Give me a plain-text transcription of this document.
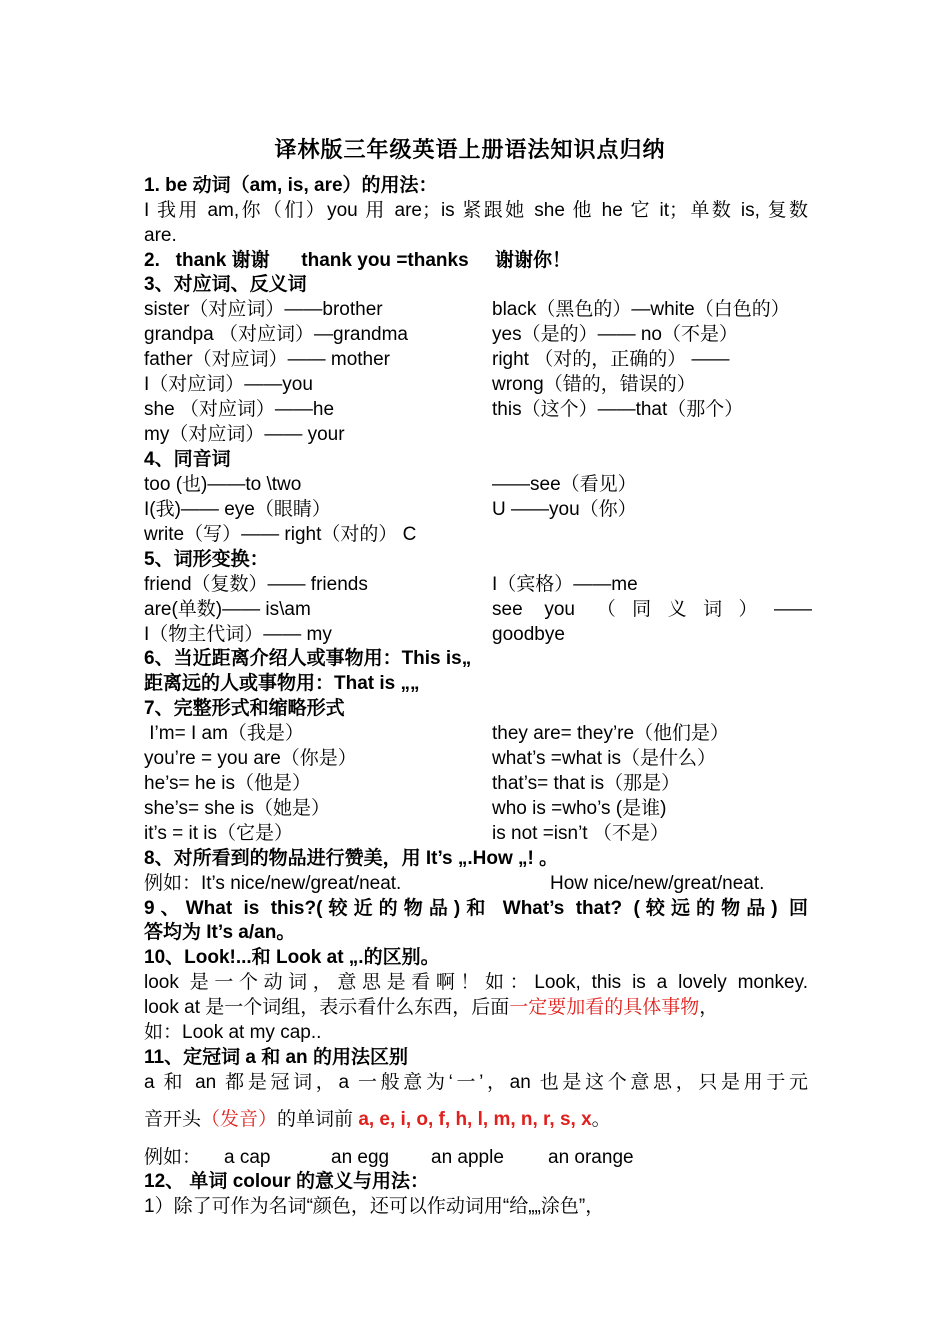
译林版三年级英语上册语法知识点归纳
1. be 动词（am, is, are）的用法：
I 我用 am,你（们）you 用 are；is 紧跟她 she 他 he 它 it；单数 is, 复数
are.
2.   thank 谢谢      thank you =thanks     谢谢你！
3、对应词、反义词
sister（对应词）——brother
grandpa （对应词）—grandma
father（对应词）—— mother
I（对应词）——you
she （对应词）——he
my（对应词）—— your
black（黑色的）—white（白色的）
yes（是的）—— no（不是）
right （对的，正确的） ——
wrong（错的，错误的）
this（这个）——that（那个）
4、同音词
too (也)——to \two
I(我)—— eye（眼睛）
write（写）—— right（对的） C
——see（看见）
U ——you（你）
5、词形变换：
friend（复数）—— friends
are(单数)—— is\am
I（物主代词）—— my
I（宾格）——me
see you （同义词）——
goodbye
6、当近距离介绍人或事物用：This is„
距离远的人或事物用：That is „„
7、完整形式和缩略形式
I’m= I am（我是）
you’re = you are（你是）
he’s= he is（他是）
she’s= she is（她是）
it’s = it is（它是）
they are= they’re（他们是）
what’s =what is（是什么）
that’s= that is（那是）
who is =who’s (是谁)
is not =isn’t （不是）
8、对所看到的物品进行赞美，用 It’s „.How „! 。
例如：It’s nice/new/great/neat.	How nice/new/great/neat.
9、What is this?(较近的物品)和 What’s that? (较远的物品) 回
答均为 It’s a/an。
10、Look!...和 Look at „.的区别。
look 是一个动词，意思是看啊！如：Look, this is a lovely monkey.
look at 是一个词组，表示看什么东西，后面一定要加看的具体事物，
如：Look at my cap..
11、定冠词 a 和 an 的用法区别
a 和 an 都是冠词，a 一般意为‘一’，an 也是这个意思，只是用于元
音开头（发音）的单词前 a, e, i, o, f, h, l, m, n, r, s, x。
例如： a cap	an egg an apple an orange
12、 单词 colour 的意义与用法：
1）除了可作为名词“颜色，还可以作动词用“给„„涂色”，
